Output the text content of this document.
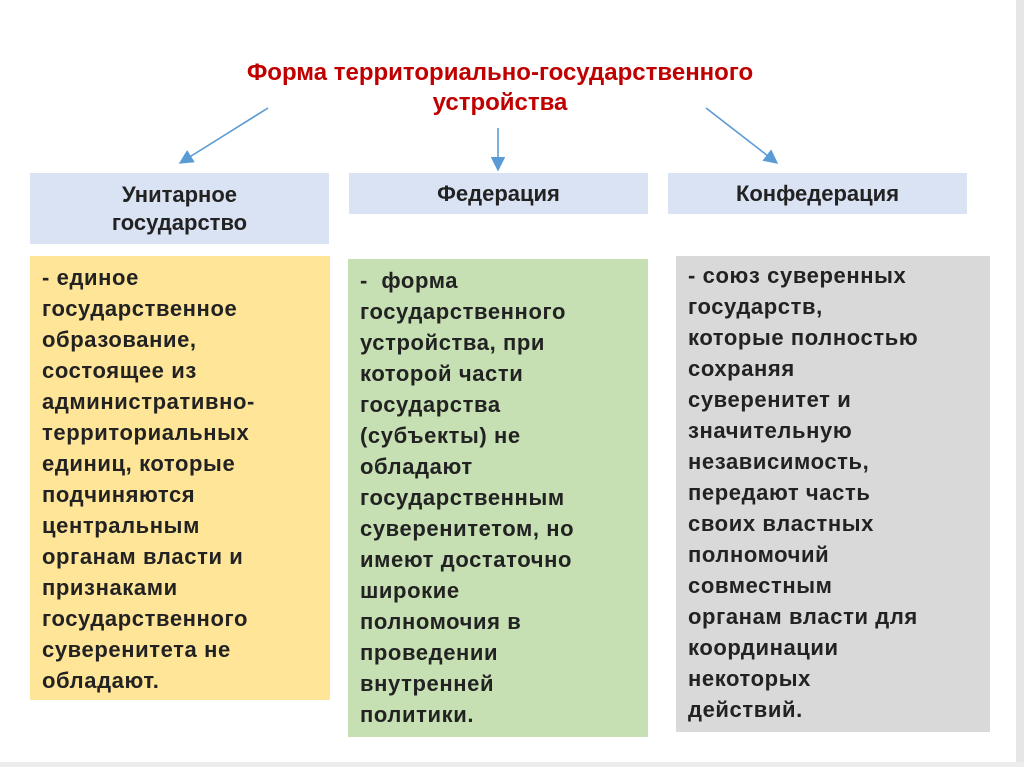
Форма территориально-государственного
устройства
Унитарное
государство
Федерация	Конфедерация
- единое
государственное
образование,
состоящее из
административно-
территориальных
единиц, которые
подчиняются
центральным
органам власти и
признаками
государственного
суверенитета не
обладают.
-  форма
государственного
устройства, при
которой части
государства
(субъекты) не
обладают
государственным
суверенитетом, но
имеют достаточно
широкие
полномочия в
проведении
внутренней
политики.
- союз суверенных
государств,
которые полностью
сохраняя
суверенитет и
значительную
независимость,
передают часть
своих властных
полномочий
совместным
органам власти для
координации
некоторых
действий.
